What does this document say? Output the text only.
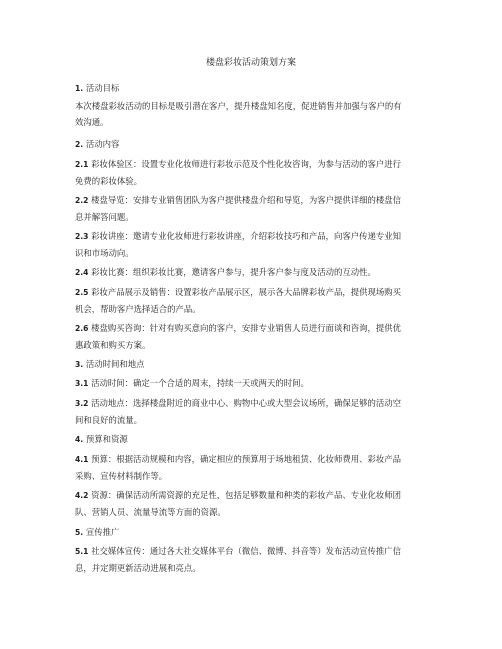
楼盘彩妆活动策划方案
1. 活动目标
本次楼盘彩妆活动的目标是吸引潜在客户，提升楼盘知名度，促进销售并加强与客户的有
效沟通。
2. 活动内容
2.1 彩妆体验区：设置专业化妆师进行彩妆示范及个性化妆咨询，为参与活动的客户进行
免费的彩妆体验。
2.2 楼盘导览：安排专业销售团队为客户提供楼盘介绍和导览，为客户提供详细的楼盘信
息并解答问题。
2.3 彩妆讲座：邀请专业化妆师进行彩妆讲座，介绍彩妆技巧和产品，向客户传递专业知
识和市场动向。
2.4 彩妆比赛：组织彩妆比赛，邀请客户参与，提升客户参与度及活动的互动性。
2.5 彩妆产品展示及销售：设置彩妆产品展示区，展示各大品牌彩妆产品，提供现场购买
机会，帮助客户选择适合的产品。
2.6 楼盘购买咨询：针对有购买意向的客户，安排专业销售人员进行面谈和咨询，提供优
惠政策和购买方案。
3. 活动时间和地点
3.1 活动时间：确定一个合适的周末，持续一天或两天的时间。
3.2 活动地点：选择楼盘附近的商业中心、购物中心或大型会议场所，确保足够的活动空
间和良好的流量。
4. 预算和资源
4.1 预算：根据活动规模和内容，确定相应的预算用于场地租赁、化妆师费用、彩妆产品
采购、宣传材料制作等。
4.2 资源：确保活动所需资源的充足性，包括足够数量和种类的彩妆产品、专业化妆师团
队、营销人员、流量导流等方面的资源。
5. 宣传推广
5.1 社交媒体宣传：通过各大社交媒体平台（微信、微博、抖音等）发布活动宣传推广信
息，并定期更新活动进展和亮点。
